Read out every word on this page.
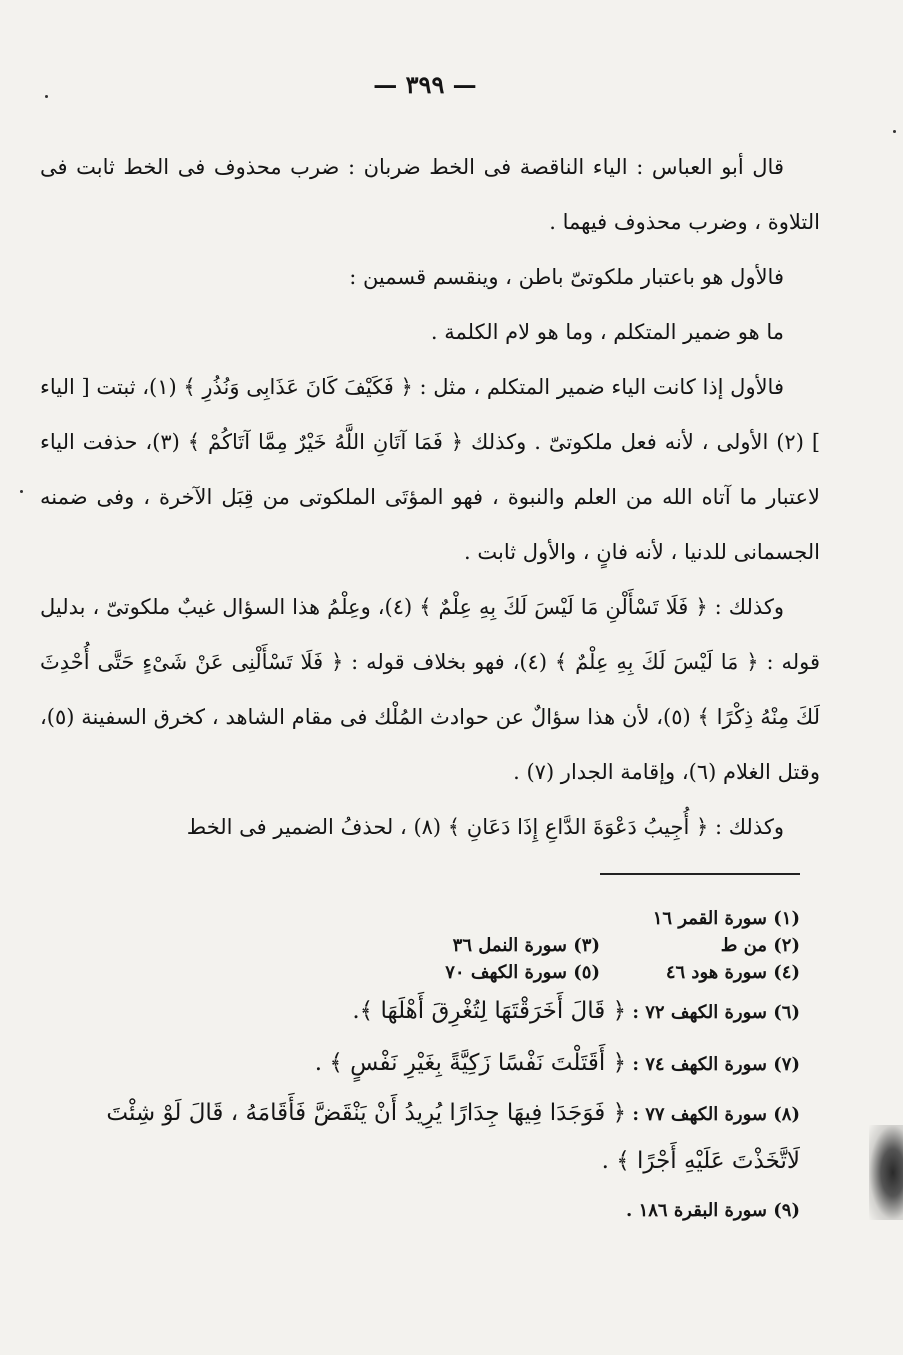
— ٣٩٩ —

قال أبو العباس : الياء الناقصة فى الخط ضربان : ضرب محذوف فى الخط ثابت فى التلاوة ، وضرب محذوف فيهما .

فالأول هو باعتبار ملكوتىّ باطن ، وينقسم قسمين :

ما هو ضمير المتكلم ، وما هو لام الكلمة .

فالأول إذا كانت الياء ضمير المتكلم ، مثل : ﴿ فَكَيْفَ كَانَ عَذَابِى وَنُذُرِ ﴾ (١)، ثبتت [ الياء ] (٢) الأولى ، لأنه فعل ملكوتىّ . وكذلك ﴿ فَمَا آتَانِ اللَّهُ خَيْرٌ مِمَّا آتَاكُمْ ﴾ (٣)، حذفت الياء لاعتبار ما آتاه الله من العلم والنبوة ، فهو المؤتَى الملكوتى من قِبَل الآخرة ، وفى ضمنه الجسمانى للدنيا ، لأنه فانٍ ، والأول ثابت .

وكذلك : ﴿ فَلَا تَسْأَلْنِ مَا لَيْسَ لَكَ بِهِ عِلْمٌ ﴾ (٤)، وعِلْمُ هذا السؤال غيبٌ ملكوتىّ ، بدليل قوله : ﴿ مَا لَيْسَ لَكَ بِهِ عِلْمٌ ﴾ (٤)، فهو بخلاف قوله : ﴿ فَلَا تَسْأَلْنِى عَنْ شَىْءٍ حَتَّى أُحْدِثَ لَكَ مِنْهُ ذِكْرًا ﴾ (٥)، لأن هذا سؤالٌ عن حوادث المُلْك فى مقام الشاهد ، كخرق السفينة (٥)، وقتل الغلام (٦)، وإقامة الجدار (٧) .

وكذلك : ﴿ أُجِيبُ دَعْوَةَ الدَّاعِ إِذَا دَعَانِ ﴾ (٨) ، لحذفُ الضمير فى الخط

(١) سورة القمر ١٦
(٢) من ط
(٣) سورة النمل ٣٦
(٤) سورة هود ٤٦
(٥) سورة الكهف ٧٠

(٦) سورة الكهف ٧٢ : ﴿ قَالَ أَخَرَقْتَهَا لِتُغْرِقَ أَهْلَهَا ﴾.

(٧) سورة الكهف ٧٤ : ﴿ أَقَتَلْتَ نَفْسًا زَكِيَّةً بِغَيْرِ نَفْسٍ ﴾ .

(٨) سورة الكهف ٧٧ : ﴿ فَوَجَدَا فِيهَا جِدَارًا يُرِيدُ أَنْ يَنْقَضَّ فَأَقَامَهُ ، قَالَ لَوْ شِئْتَ لَاتَّخَذْتَ عَلَيْهِ أَجْرًا ﴾ .

(٩) سورة البقرة ١٨٦ .
